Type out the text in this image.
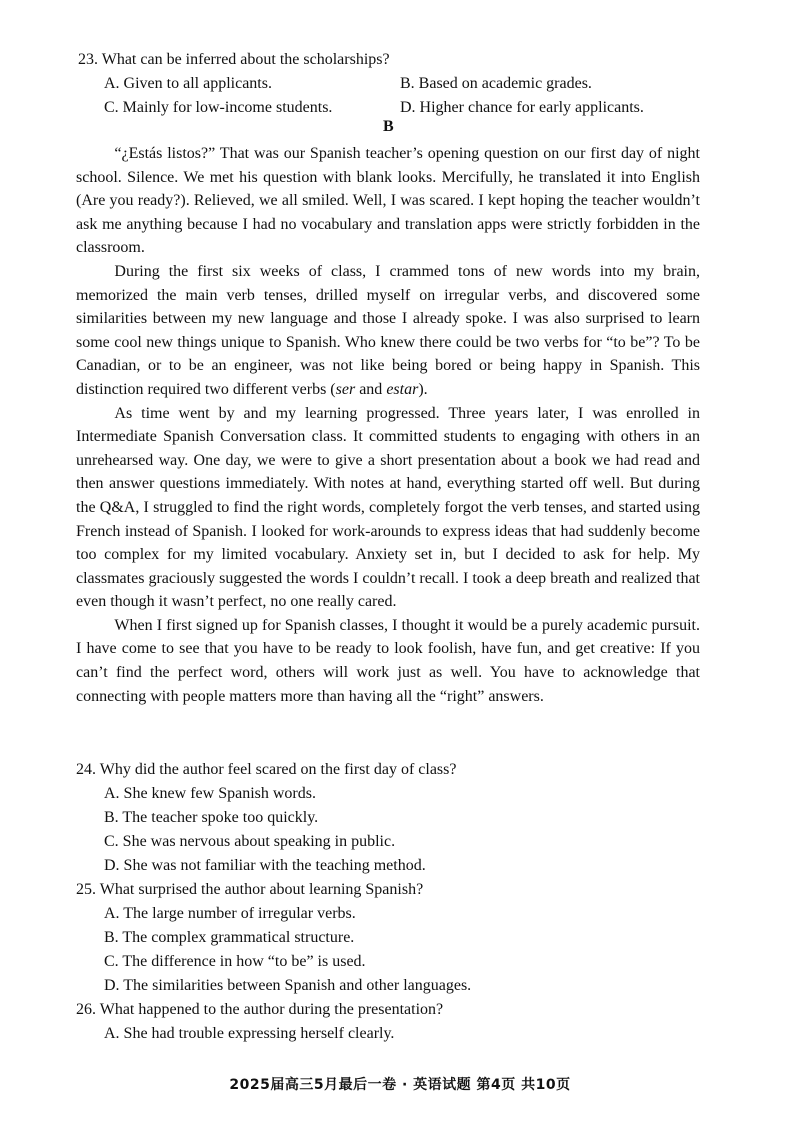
23. What can be inferred about the scholarships?
A. Given to all applicants.	B. Based on academic grades.
C. Mainly for low-income students.	D. Higher chance for early applicants.
B

“¿Estás listos?” That was our Spanish teacher’s opening question on our first day of night school. Silence. We met his question with blank looks. Mercifully, he translated it into English (Are you ready?). Relieved, we all smiled. Well, I was scared. I kept hoping the teacher wouldn’t ask me anything because I had no vocabulary and translation apps were strictly forbidden in the classroom.

During the first six weeks of class, I crammed tons of new words into my brain, memorized the main verb tenses, drilled myself on irregular verbs, and discovered some similarities between my new language and those I already spoke. I was also surprised to learn some cool new things unique to Spanish. Who knew there could be two verbs for “to be”? To be Canadian, or to be an engineer, was not like being bored or being happy in Spanish. This distinction required two different verbs (ser and estar).

As time went by and my learning progressed. Three years later, I was enrolled in Intermediate Spanish Conversation class. It committed students to engaging with others in an unrehearsed way. One day, we were to give a short presentation about a book we had read and then answer questions immediately. With notes at hand, everything started off well. But during the Q&A, I struggled to find the right words, completely forgot the verb tenses, and started using French instead of Spanish. I looked for work-arounds to express ideas that had suddenly become too complex for my limited vocabulary. Anxiety set in, but I decided to ask for help. My classmates graciously suggested the words I couldn’t recall. I took a deep breath and realized that even though it wasn’t perfect, no one really cared.

When I first signed up for Spanish classes, I thought it would be a purely academic pursuit. I have come to see that you have to be ready to look foolish, have fun, and get creative: If you can’t find the perfect word, others will work just as well. You have to acknowledge that connecting with people matters more than having all the “right” answers.

24. Why did the author feel scared on the first day of class?
A. She knew few Spanish words.
B. The teacher spoke too quickly.
C. She was nervous about speaking in public.
D. She was not familiar with the teaching method.
25. What surprised the author about learning Spanish?
A. The large number of irregular verbs.
B. The complex grammatical structure.
C. The difference in how “to be” is used.
D. The similarities between Spanish and other languages.
26. What happened to the author during the presentation?
A. She had trouble expressing herself clearly.
2025届高三5月最后一卷 · 英语试题 第4页 共10页
